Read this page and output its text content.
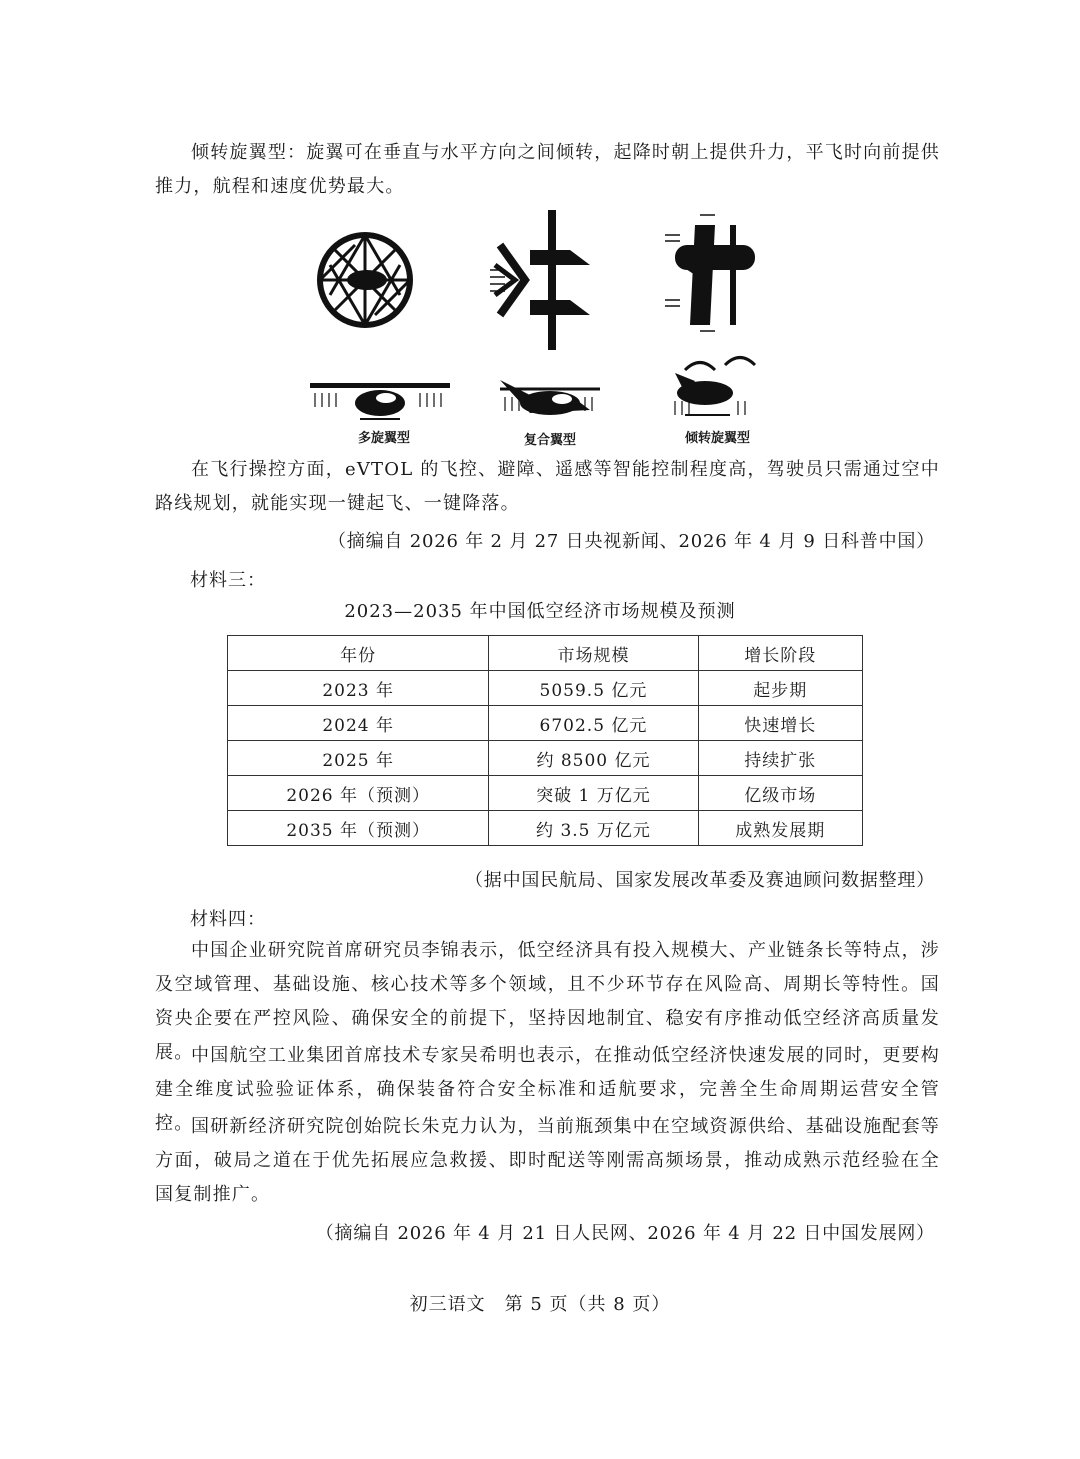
倾转旋翼型：旋翼可在垂直与水平方向之间倾转，起降时朝上提供升力，平飞时向前提供推力，航程和速度优势最大。

多旋翼型	复合翼型	倾转旋翼型

在飞行操控方面，eVTOL 的飞控、避障、遥感等智能控制程度高，驾驶员只需通过空中路线规划，就能实现一键起飞、一键降落。

（摘编自 2026 年 2 月 27 日央视新闻、2026 年 4 月 9 日科普中国）
材料三：
2023—2035 年中国低空经济市场规模及预测
年份	市场规模	增长阶段
2023 年	5059.5 亿元	起步期
2024 年	6702.5 亿元	快速增长
2025 年	约 8500 亿元	持续扩张
2026 年（预测）	突破 1 万亿元	亿级市场
2035 年（预测）	约 3.5 万亿元	成熟发展期
（据中国民航局、国家发展改革委及赛迪顾问数据整理）
材料四：

中国企业研究院首席研究员李锦表示，低空经济具有投入规模大、产业链条长等特点，涉及空域管理、基础设施、核心技术等多个领域，且不少环节存在风险高、周期长等特性。国资央企要在严控风险、确保安全的前提下，坚持因地制宜、稳安有序推动低空经济高质量发展。

中国航空工业集团首席技术专家吴希明也表示，在推动低空经济快速发展的同时，更要构建全维度试验验证体系，确保装备符合安全标准和适航要求，完善全生命周期运营安全管控。

国研新经济研究院创始院长朱克力认为，当前瓶颈集中在空域资源供给、基础设施配套等方面，破局之道在于优先拓展应急救援、即时配送等刚需高频场景，推动成熟示范经验在全国复制推广。

（摘编自 2026 年 4 月 21 日人民网、2026 年 4 月 22 日中国发展网）
初三语文　第 5 页（共 8 页）
